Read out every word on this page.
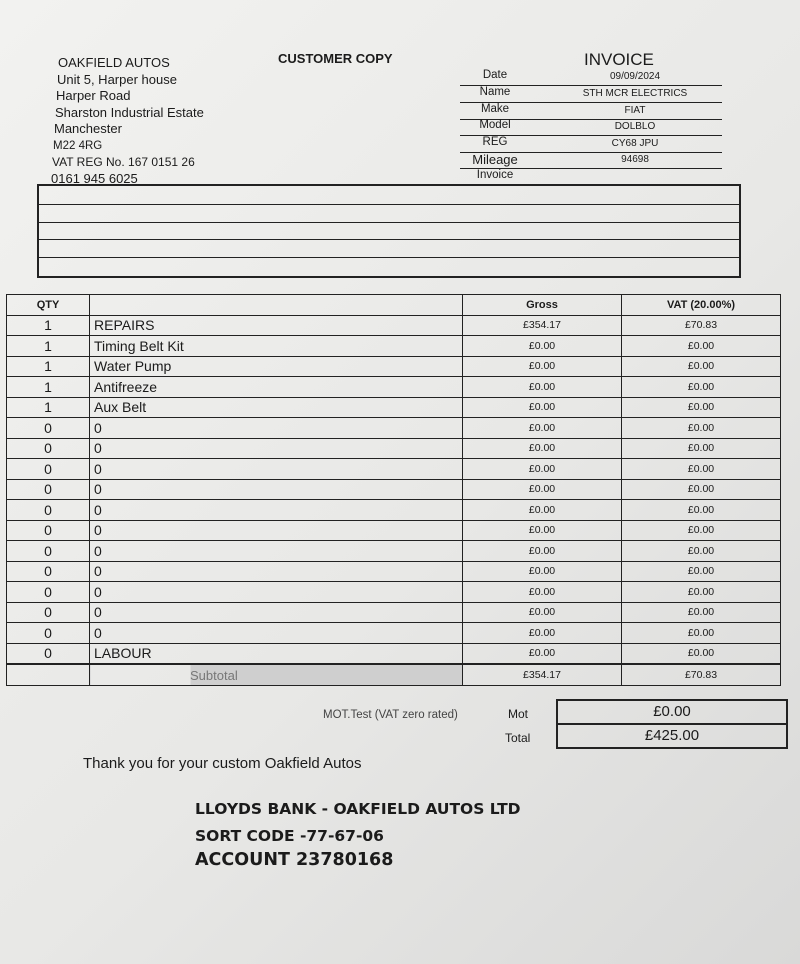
OAKFIELD AUTOS
Unit 5, Harper house
Harper Road
Sharston Industrial Estate
Manchester
M22 4RG
VAT REG No. 167 0151 26
0161 945 6025
CUSTOMER COPY	INVOICE
Date	09/09/2024
Name	STH MCR ELECTRICS
Make	FIAT
Model	DOLBLO
REG	CY68 JPU
Mileage	94698
Invoice
QTY		Gross	VAT (20.00%)
1	REPAIRS	£354.17	£70.83
1	Timing Belt Kit	£0.00	£0.00
1	Water Pump	£0.00	£0.00
1	Antifreeze	£0.00	£0.00
1	Aux Belt	£0.00	£0.00
0	0	£0.00	£0.00
0	0	£0.00	£0.00
0	0	£0.00	£0.00
0	0	£0.00	£0.00
0	0	£0.00	£0.00
0	0	£0.00	£0.00
0	0	£0.00	£0.00
0	0	£0.00	£0.00
0	0	£0.00	£0.00
0	0	£0.00	£0.00
0	0	£0.00	£0.00
0	LABOUR	£0.00	£0.00
	Subtotal	£354.17	£70.83
MOT.Test (VAT zero rated)	Mot	£0.00
Total	£425.00
Thank you for your custom Oakfield Autos
LLOYDS BANK - OAKFIELD AUTOS LTD
SORT CODE -77-67-06
ACCOUNT 23780168
